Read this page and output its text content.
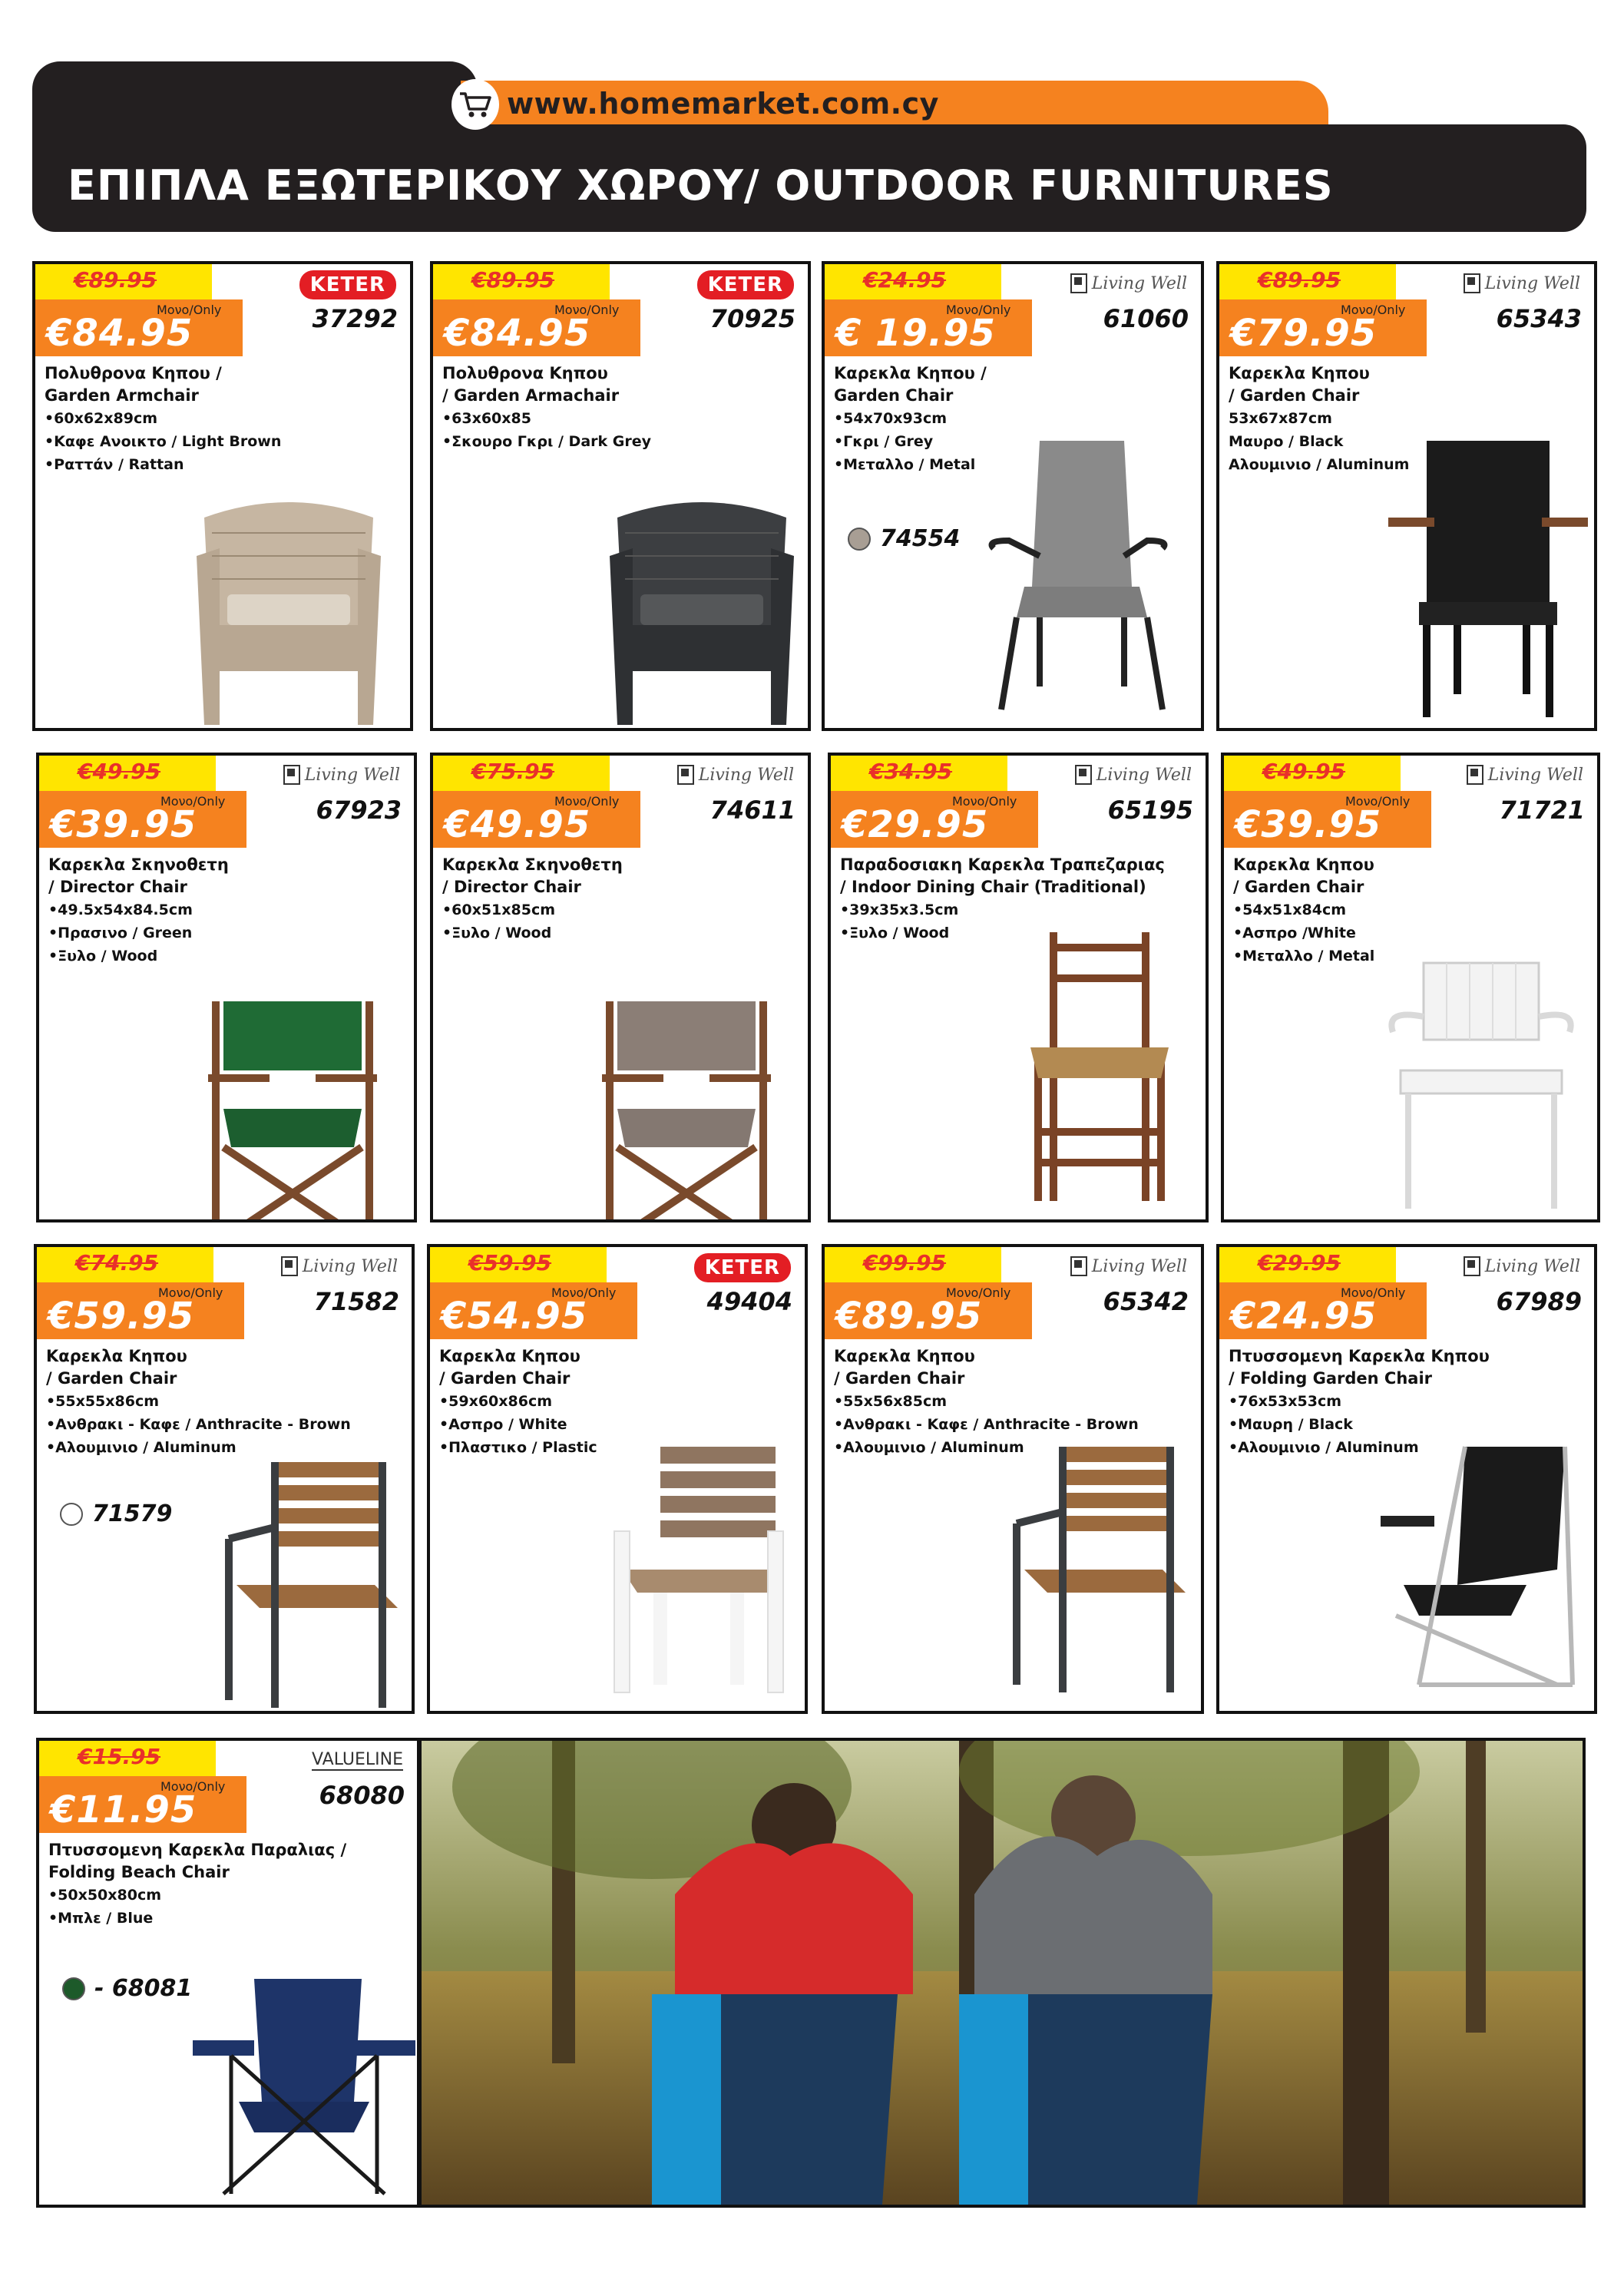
www.homemarket.com.cy
ΕΠΙΠΛΑ ΕΞΩΤΕΡΙΚΟΥ ΧΩΡΟΥ/ OUTDOOR FURNITURES
€89.95
Μονο/Only
€84.95
KETER
37292
Πολυθρονα Κηπου /
Garden Armchair
•60x62x89cm
•Καφε Ανοικτο / Light Brown
•Ραττάν / Rattan
€89.95
Μονο/Only
€84.95
KETER
70925
Πολυθρονα Κηπου
/ Garden Armachair
•63x60x85
•Σκουρο Γκρι / Dark Grey
€24.95
Μονο/Only
€ 19.95
Living Well
61060
Καρεκλα Κηπου /
Garden Chair
•54x70x93cm
•Γκρι / Grey
•Μεταλλο / Metal
74554
€89.95
Μονο/Only
€79.95
Living Well
65343
Καρεκλα Κηπου
/ Garden Chair
53x67x87cm
Μαυρο / Black
Αλουμινιο / Aluminum
€49.95
Μονο/Only
€39.95
Living Well
67923
Καρεκλα Σκηνοθετη
/ Director Chair
•49.5x54x84.5cm
•Πρασινο / Green
•Ξυλο / Wood
€75.95
Μονο/Only
€49.95
Living Well
74611
Καρεκλα Σκηνοθετη
/ Director Chair
•60x51x85cm
•Ξυλο / Wood
€34.95
Μονο/Only
€29.95
Living Well
65195
Παραδοσιακη Καρεκλα Τραπεζαριας
/ Indoor Dining Chair (Traditional)
•39x35x3.5cm
•Ξυλο / Wood
€49.95
Μονο/Only
€39.95
Living Well
71721
Καρεκλα Κηπου
/ Garden Chair
•54x51x84cm
•Ασπρο /White
•Μεταλλο / Metal
€74.95
Μονο/Only
€59.95
Living Well
71582
Καρεκλα Κηπου
/ Garden Chair
•55x55x86cm
•Ανθρακι - Καφε / Anthracite - Brown
•Αλουμινιο / Aluminum
71579
€59.95
Μονο/Only
€54.95
KETER
49404
Καρεκλα Κηπου
/ Garden Chair
•59x60x86cm
•Ασπρο / White
•Πλαστικο / Plastic
€99.95
Μονο/Only
€89.95
Living Well
65342
Καρεκλα Κηπου
/ Garden Chair
•55x56x85cm
•Ανθρακι - Καφε / Anthracite - Brown
•Αλουμινιο / Aluminum
€29.95
Μονο/Only
€24.95
Living Well
67989
Πτυσσομενη Καρεκλα Κηπου
/ Folding Garden Chair
•76x53x53cm
•Μαυρη / Black
•Αλουμινιο / Aluminum
€15.95
Μονο/Only
€11.95
VALUELINE
68080
Πτυσσομενη Καρεκλα Παραλιας /
Folding Beach Chair
•50x50x80cm
•Μπλε / Blue
- 68081
